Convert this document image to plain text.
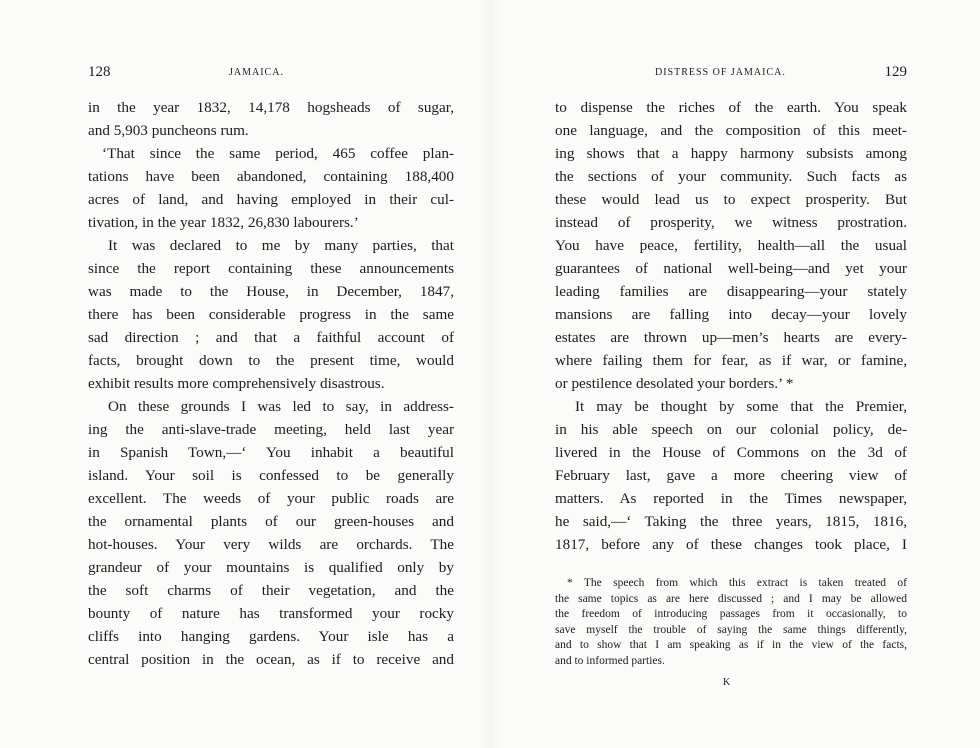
128	JAMAICA.
in the year 1832, 14,178 hogsheads of sugar,
and 5,903 puncheons rum.
‘That since the same period, 465 coffee plan-
tations have been abandoned, containing 188,400
acres of land, and having employed in their cul-
tivation, in the year 1832, 26,830 labourers.’
It was declared to me by many parties, that
since the report containing these announcements
was made to the House, in December, 1847,
there has been considerable progress in the same
sad direction ; and that a faithful account of
facts, brought down to the present time, would
exhibit results more comprehensively disastrous.
On these grounds I was led to say, in address-
ing the anti-slave-trade meeting, held last year
in Spanish Town,—‘ You inhabit a beautiful
island. Your soil is confessed to be generally
excellent. The weeds of your public roads are
the ornamental plants of our green-houses and
hot-houses. Your very wilds are orchards. The
grandeur of your mountains is qualified only by
the soft charms of their vegetation, and the
bounty of nature has transformed your rocky
cliffs into hanging gardens. Your isle has a
central position in the ocean, as if to receive and
DISTRESS OF JAMAICA.	129
to dispense the riches of the earth. You speak
one language, and the composition of this meet-
ing shows that a happy harmony subsists among
the sections of your community. Such facts as
these would lead us to expect prosperity. But
instead of prosperity, we witness prostration.
You have peace, fertility, health—all the usual
guarantees of national well-being—and yet your
leading families are disappearing—your stately
mansions are falling into decay—your lovely
estates are thrown up—men’s hearts are every-
where failing them for fear, as if war, or famine,
or pestilence desolated your borders.’ *
It may be thought by some that the Premier,
in his able speech on our colonial policy, de-
livered in the House of Commons on the 3d of
February last, gave a more cheering view of
matters. As reported in the Times newspaper,
he said,—‘ Taking the three years, 1815, 1816,
1817, before any of these changes took place, I
* The speech from which this extract is taken treated of
the same topics as are here discussed ; and I may be allowed
the freedom of introducing passages from it occasionally, to
save myself the trouble of saying the same things differently,
and to show that I am speaking as if in the view of the facts,
and to informed parties.
K
